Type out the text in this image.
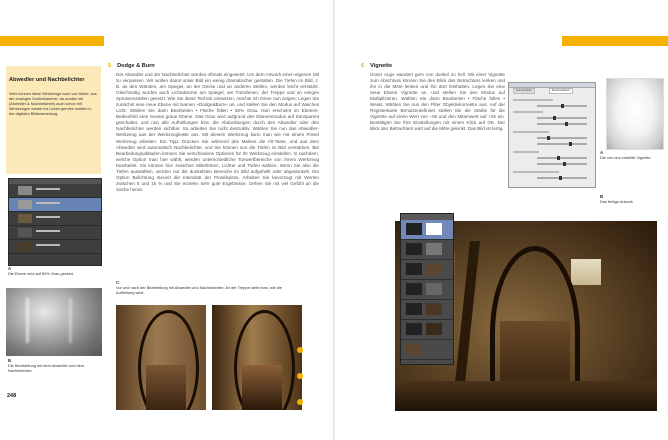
Abwedler und Nachbelichter
Viele kennen diese Werkzeuge noch von früher, aus der analogen Dunkelkammer, da wurden sie (Abwedler & Nachbelichter) auch schon mit Werkzeugen wieder ins Leben gerufen worden in der digitalen Bildbearbeitung.
A
Die Ebene wird auf 50% Grau gesetzt.
B
Die Bearbeitung mit dem Abwedler und dem Nachbelichter
248
5 Dodge & Burn
Der Abwedler und der Nachbelichter werden oftmals eingesetzt. Um dem Artwork einen eigenen Stil zu verpassen. Wir wollen damit unser Bild ein wenig dramatischer gestalten. Die Tiefen im Bild, z. B. an den Wänden, am Spiegel, an der Decke und an anderen Stellen, werden leicht verstärkt. Gleichzeitig wurden auch Lichtakzente am Spiegel, am Türrahmen, der Treppe und an einigen Sprossenstellen gesetzt. Wie Sie diese Technik einsetzen, möchte ich Ihnen nun zeigen: Legen Sie zunächst eine neue Ebene mit Namen »Dodge&Burn« an, und stellen Sie den Modus auf Weiches Licht. Wählen Sie dann Bearbeiten • Fläche füllen • 50% Grau. Nun erscheint im Ebenen-Bedienfeld eine neutral graue Ebene. Das Grau wird aufgrund des Ebenenmodus auf transparent geschaltet, und nun alle Aufhellungen bzw. die Abdunklungen durch den Abwedler oder den Nachbelichter werden sichtbar. So arbeiten Sie nicht destruktiv. Wählen Sie nun das Abwedler-Werkzeug aus der Werkzeugleiste aus. Mit diesem Werkzeug kann man wie mit einem Pinsel Werkzeug arbeiten. Ein Tipp: Drücken Sie während des Malens die Alt-Taste, und aus dem Abwedler wird automatisch Nachbelichter, und Sie können nun die Tiefen im Bild verstärken. Bei Bearbeitungsabläufen können Sie verschiedene Optionen für Ihr Werkzeug einstellen. In nachdem, welche Option man hier wählt, werden unterschiedliche Tonwertbereiche von Ihrem Werkzeug bearbeitet. Sie können hier zwischen Mitteltönen, Lichter und Tiefen wählen. Wenn Sie also die Tiefen auswählen, werden nur die dunkelsten Bereiche im Bild aufgehellt oder abgedunkelt. Die Option Belichtung steuert die Intensität der Pinselspitze. Arbeiten Sie bevorzugt mit Werten zwischen 5 und 15 % und Sie erzielen sehr gute Ergebnisse. Gehen Sie mit viel Gefühl an die Sache heran.
C
Vor und nach der Bearbeitung mit Abwedler und Nachbelichter. An der Treppe sieht man, wie die Aufhellung wirkt.
6 Vignette
Unser Auge wandert gern von dunkel zu hell. Mit einer Vignette zum Abschluss können Sie den Blick des Betrachters lenken und ihn in die Mitte lenken und ihn dort festhalten. Legen Sie eine neue Ebene Vignette an, und stellen Sie den Modus auf Multiplizieren. Wählen Sie dann Bearbeiten • Fläche füllen • Weiss. Wählen Sie nun den Filter Objektivkorrektur aus. Auf der Registerkarte Benutzerdefiniert stellen Sie die Stärke für die Vignette auf einen Wert von –55 und den Mittenwert auf +25 ein. Bestätigen Sie Ihre Einstellungen mit einem Klick auf OK. Der Blick des Betrachters wird auf die Mitte gelenkt. Das Bild ist fertig.
Auto-Korrektur	Benutzerdefiniert
A
Die von uns erstellte Vignette.
B
Das fertige Artwork
